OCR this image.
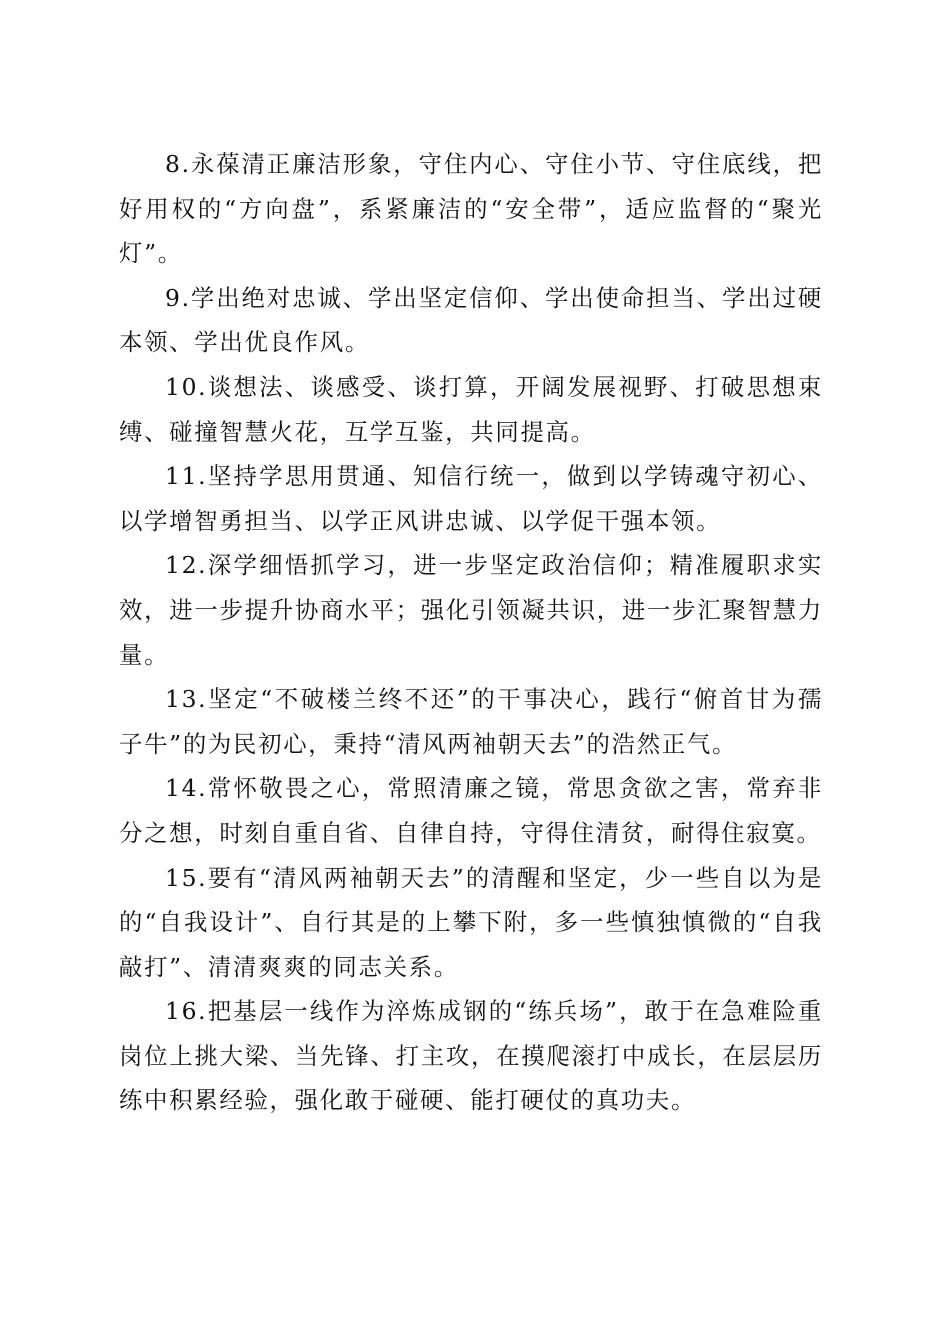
8.永葆清正廉洁形象，守住内心、守住小节、守住底线，把好用权的“方向盘”，系紧廉洁的“安全带”，适应监督的“聚光灯”。

9.学出绝对忠诚、学出坚定信仰、学出使命担当、学出过硬本领、学出优良作风。

10.谈想法、谈感受、谈打算，开阔发展视野、打破思想束缚、碰撞智慧火花，互学互鉴，共同提高。

11.坚持学思用贯通、知信行统一，做到以学铸魂守初心、以学增智勇担当、以学正风讲忠诚、以学促干强本领。

12.深学细悟抓学习，进一步坚定政治信仰；精准履职求实效，进一步提升协商水平；强化引领凝共识，进一步汇聚智慧力量。

13.坚定“不破楼兰终不还”的干事决心，践行“俯首甘为孺子牛”的为民初心，秉持“清风两袖朝天去”的浩然正气。

14.常怀敬畏之心，常照清廉之镜，常思贪欲之害，常弃非分之想，时刻自重自省、自律自持，守得住清贫，耐得住寂寞。

15.要有“清风两袖朝天去”的清醒和坚定，少一些自以为是的“自我设计”、自行其是的上攀下附，多一些慎独慎微的“自我敲打”、清清爽爽的同志关系。

16.把基层一线作为淬炼成钢的“练兵场”，敢于在急难险重岗位上挑大梁、当先锋、打主攻，在摸爬滚打中成长，在层层历练中积累经验，强化敢于碰硬、能打硬仗的真功夫。
